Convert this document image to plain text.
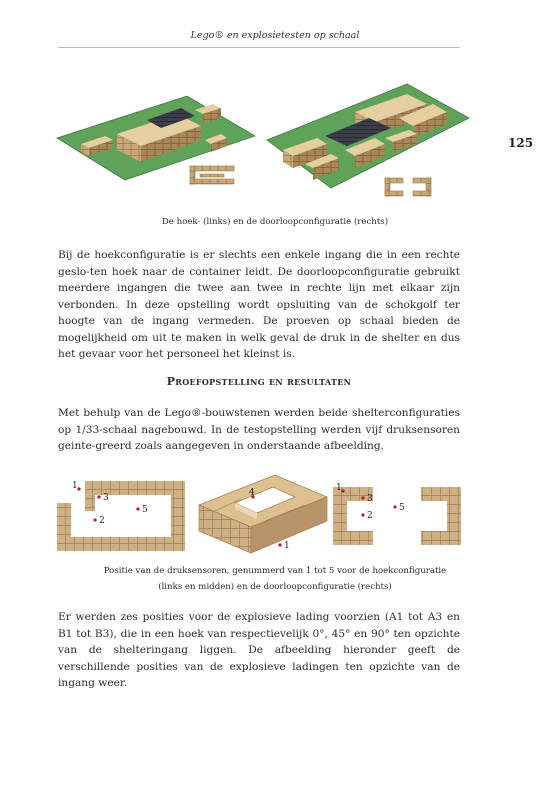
Lego® en explosietesten op schaal
125
De hoek- (links) en de doorloopconfiguratie (rechts)

Bij de hoekconfiguratie is er slechts een enkele ingang die in een rechte geslo-ten hoek naar de container leidt. De doorloopconfiguratie gebruikt meerdere ingangen die twee aan twee in rechte lijn met elkaar zijn verbonden. In deze opstelling wordt opsluiting van de schokgolf ter hoogte van de ingang vermeden. De proeven op schaal bieden de mogelijkheid om uit te maken in welk geval de druk in de shelter en dus het gevaar voor het personeel het kleinst is.

Proefopstelling en resultaten

Met behulp van de Lego®-bouwstenen werden beide shelterconfiguraties op 1/33-schaal nagebouwd. In de testopstelling werden vijf druksensoren geinte-greerd zoals aangegeven in onderstaande afbeelding.

1
3
2
5
4
1
1
3
2
5
Positie van de druksensoren, genummerd van 1 tot 5 voor de hoekconfiguratie
(links en midden) en de doorloopconfiguratie (rechts)

Er werden zes posities voor de explosieve lading voorzien (A1 tot A3 en B1 tot B3), die in een hoek van respectievelijk 0°, 45° en 90° ten opzichte van de shelteringang liggen. De afbeelding hieronder geeft de verschillende posities van de explosieve ladingen ten opzichte van de ingang weer.
